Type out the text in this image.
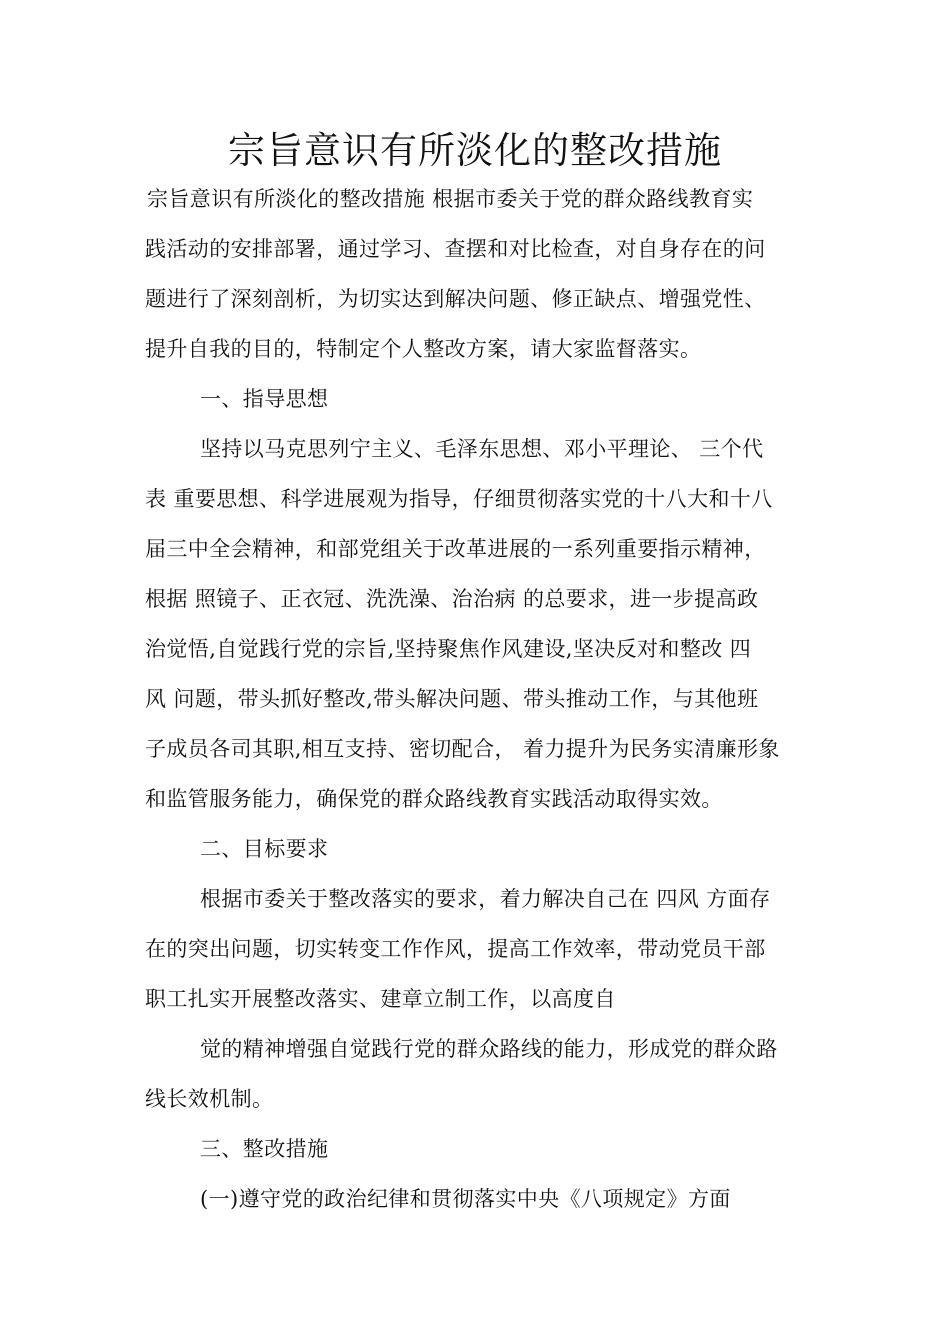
宗旨意识有所淡化的整改措施
宗旨意识有所淡化的整改措施 根据市委关于党的群众路线教育实
践活动的安排部署，通过学习、查摆和对比检查，对自身存在的问
题进行了深刻剖析，为切实达到解决问题、修正缺点、增强党性、
提升自我的目的，特制定个人整改方案，请大家监督落实。
一、指导思想
坚持以马克思列宁主义、毛泽东思想、邓小平理论、 三个代
表 重要思想、科学进展观为指导，仔细贯彻落实党的十八大和十八
届三中全会精神，和部党组关于改革进展的一系列重要指示精神，
根据 照镜子、正衣冠、洗洗澡、治治病 的总要求，进一步提高政
治觉悟,自觉践行党的宗旨,坚持聚焦作风建设,坚决反对和整改 四
风 问题，带头抓好整改,带头解决问题、带头推动工作，与其他班
子成员各司其职,相互支持、密切配合， 着力提升为民务实清廉形象
和监管服务能力，确保党的群众路线教育实践活动取得实效。
二、目标要求
根据市委关于整改落实的要求，着力解决自己在 四风 方面存
在的突出问题，切实转变工作作风，提高工作效率，带动党员干部
职工扎实开展整改落实、建章立制工作，以高度自
觉的精神增强自觉践行党的群众路线的能力，形成党的群众路
线长效机制。
三、整改措施
(一)遵守党的政治纪律和贯彻落实中央《八项规定》方面
